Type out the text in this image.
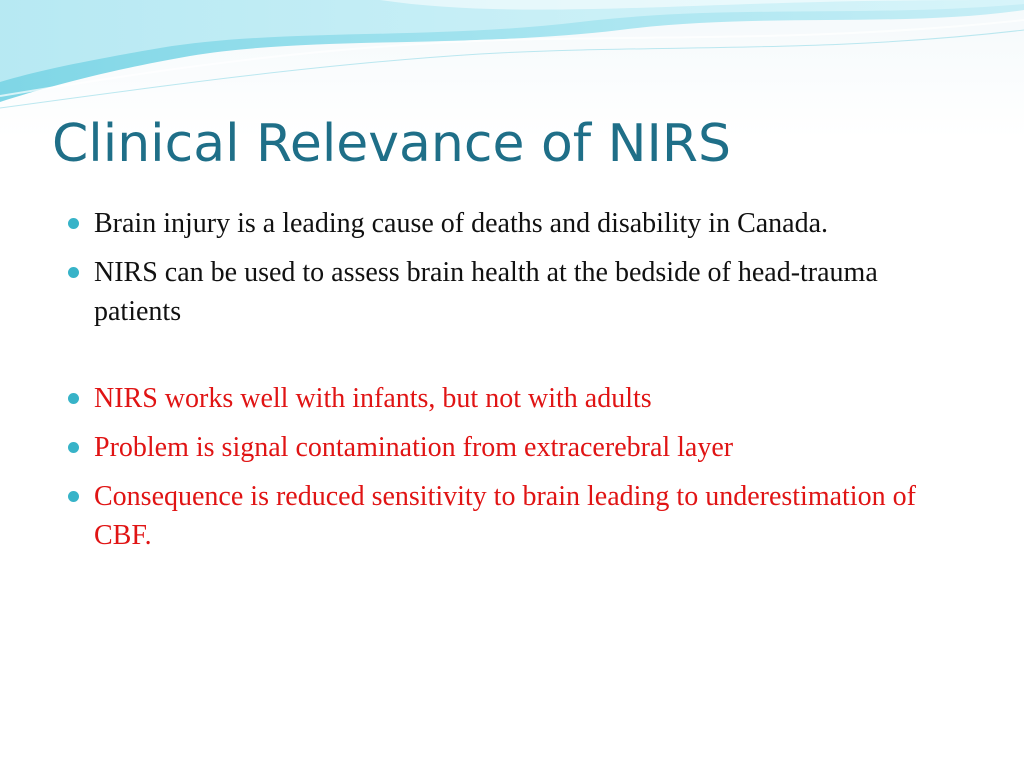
Clinical Relevance of NIRS
Brain injury is a leading cause of deaths and disability in Canada.
NIRS can be used to assess brain health at the bedside of head-trauma patients
NIRS works well with infants, but not with adults
Problem is signal contamination from extracerebral layer
Consequence is reduced sensitivity to brain leading to underestimation of CBF.
